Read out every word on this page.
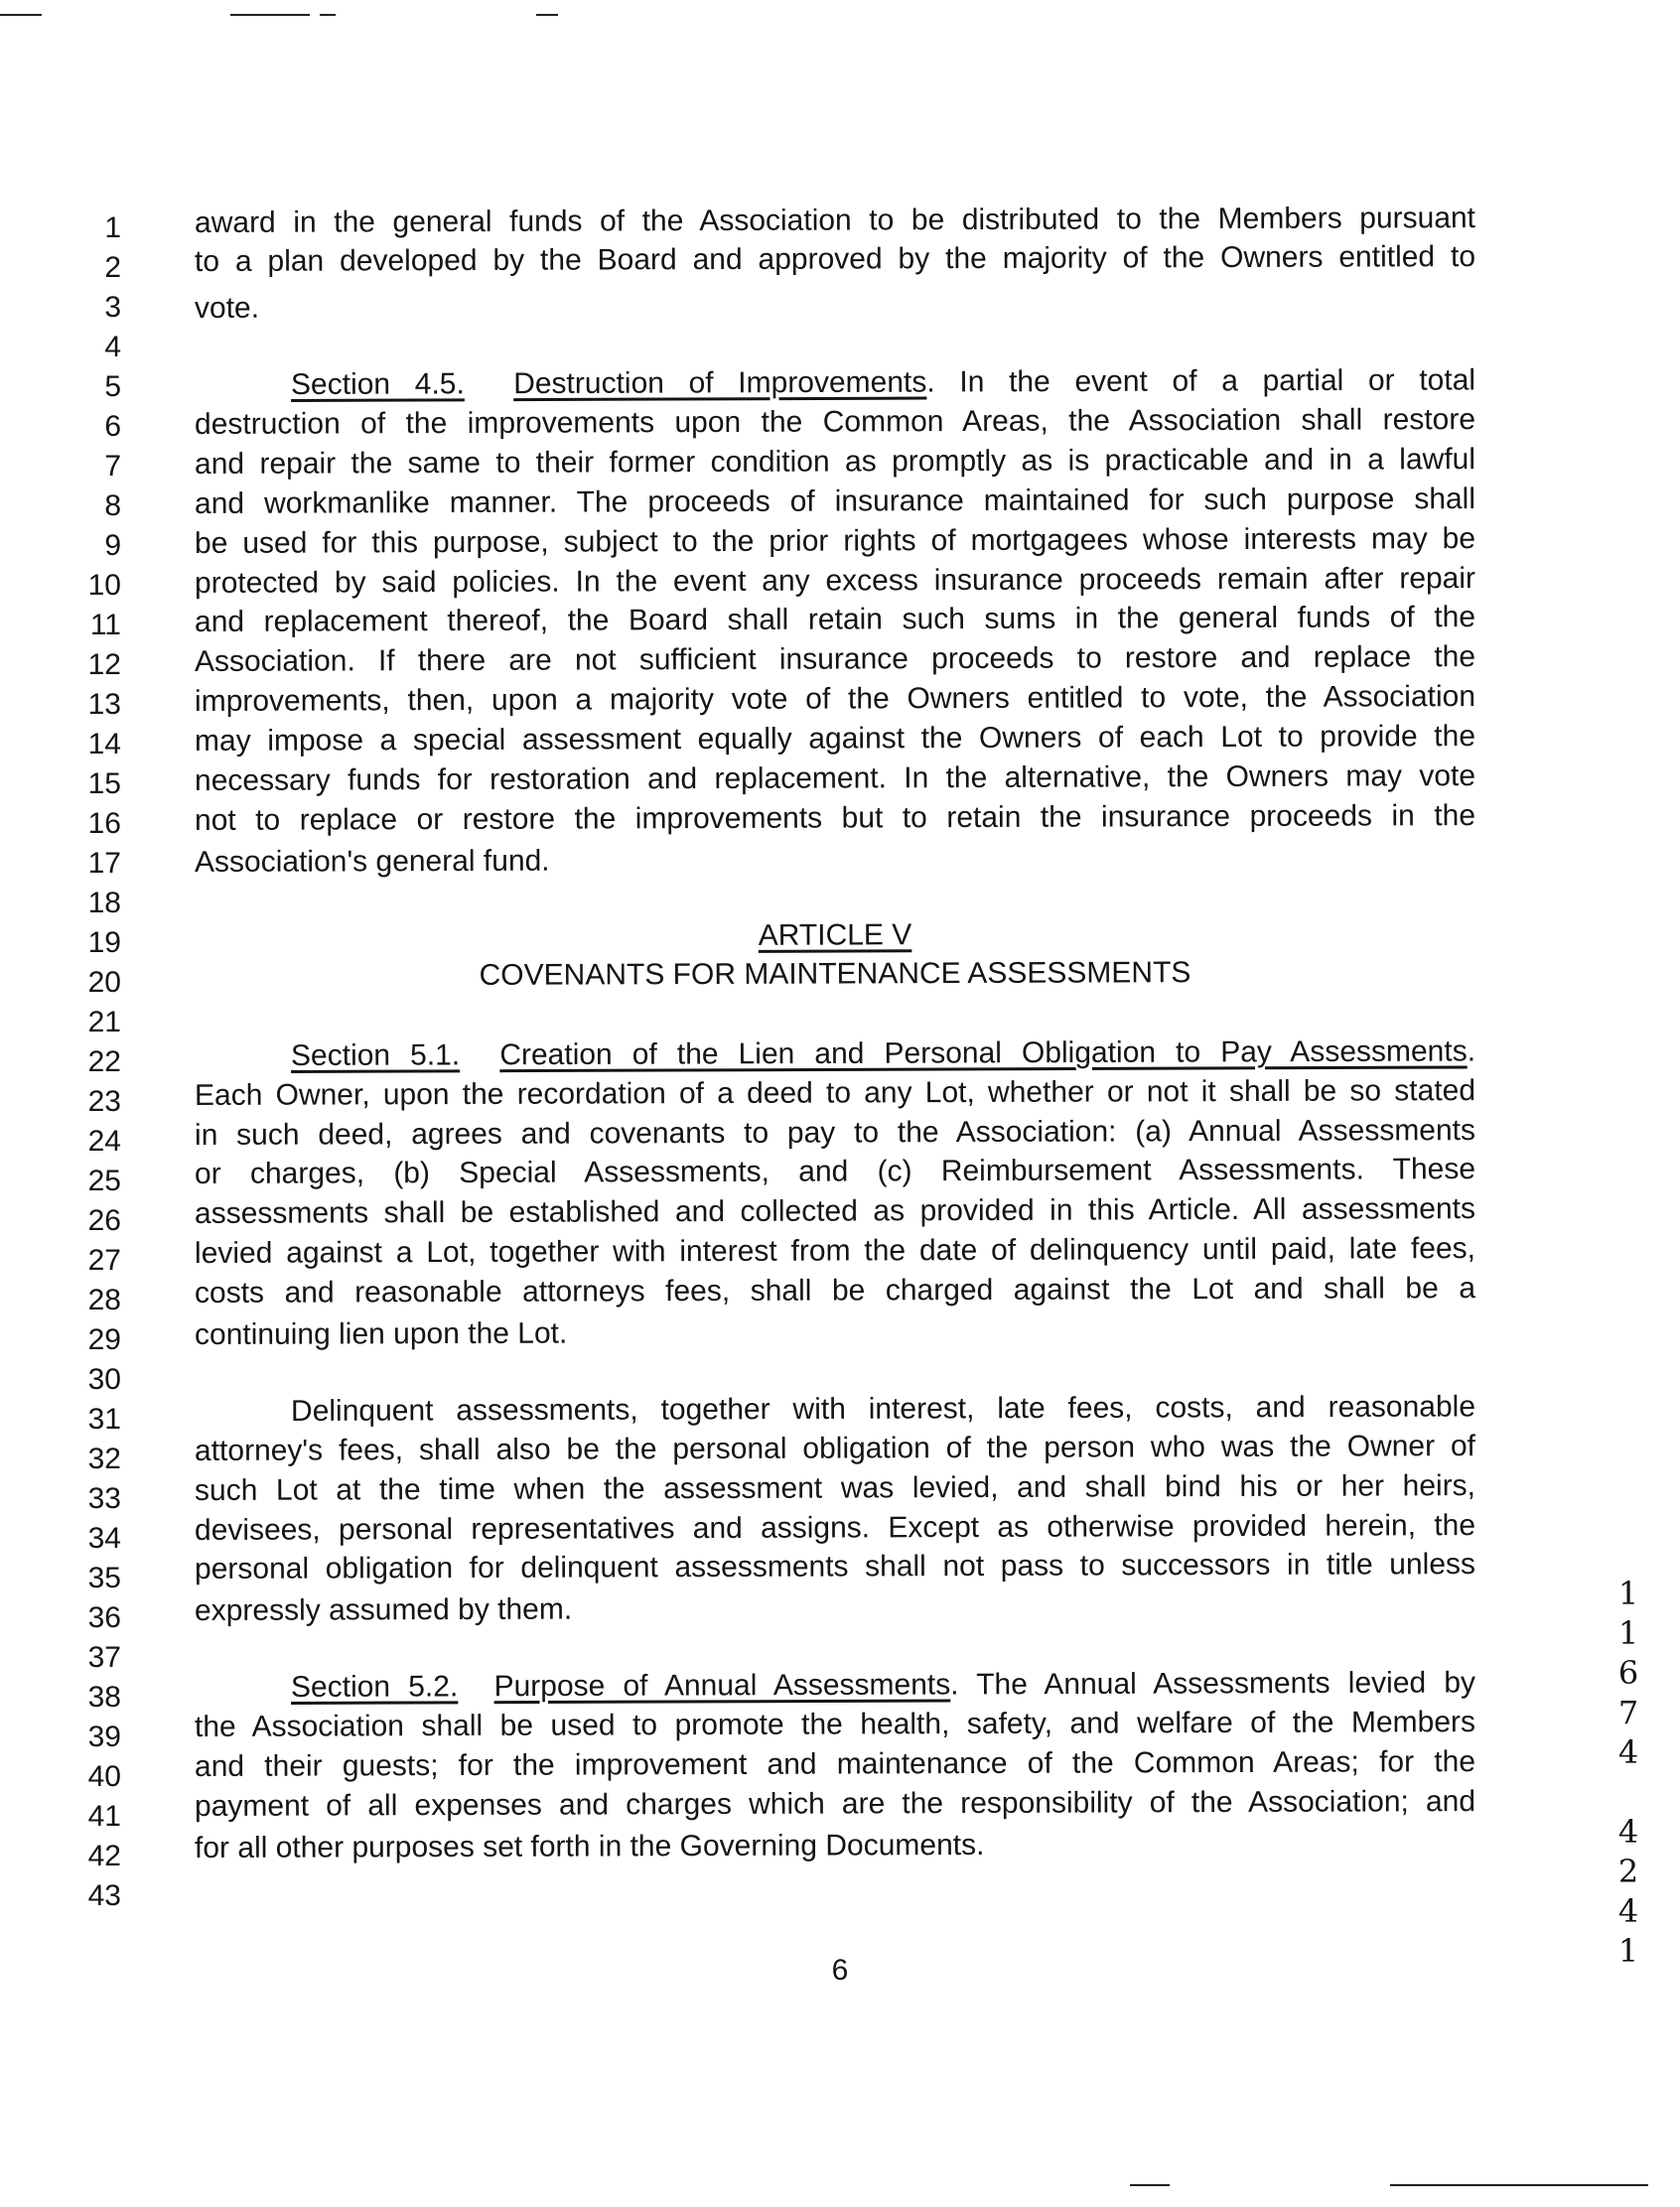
1
2
3
4
5
6
7
8
9
10
11
12
13
14
15
16
17
18
19
20
21
22
23
24
25
26
27
28
29
30
31
32
33
34
35
36
37
38
39
40
41
42
43
award in the general funds of the Association to be distributed to the Members pursuant
to a plan developed by the Board and approved by the majority of the Owners entitled to
vote.
Section 4.5. Destruction of Improvements. In the event of a partial or total
destruction of the improvements upon the Common Areas, the Association shall restore
and repair the same to their former condition as promptly as is practicable and in a lawful
and workmanlike manner. The proceeds of insurance maintained for such purpose shall
be used for this purpose, subject to the prior rights of mortgagees whose interests may be
protected by said policies. In the event any excess insurance proceeds remain after repair
and replacement thereof, the Board shall retain such sums in the general funds of the
Association. If there are not sufficient insurance proceeds to restore and replace the
improvements, then, upon a majority vote of the Owners entitled to vote, the Association
may impose a special assessment equally against the Owners of each Lot to provide the
necessary funds for restoration and replacement. In the alternative, the Owners may vote
not to replace or restore the improvements but to retain the insurance proceeds in the
Association's general fund.
ARTICLE V
COVENANTS FOR MAINTENANCE ASSESSMENTS
Section 5.1. Creation of the Lien and Personal Obligation to Pay Assessments.
Each Owner, upon the recordation of a deed to any Lot, whether or not it shall be so stated
in such deed, agrees and covenants to pay to the Association: (a) Annual Assessments
or charges, (b) Special Assessments, and (c) Reimbursement Assessments. These
assessments shall be established and collected as provided in this Article. All assessments
levied against a Lot, together with interest from the date of delinquency until paid, late fees,
costs and reasonable attorneys fees, shall be charged against the Lot and shall be a
continuing lien upon the Lot.
Delinquent assessments, together with interest, late fees, costs, and reasonable
attorney's fees, shall also be the personal obligation of the person who was the Owner of
such Lot at the time when the assessment was levied, and shall bind his or her heirs,
devisees, personal representatives and assigns. Except as otherwise provided herein, the
personal obligation for delinquent assessments shall not pass to successors in title unless
expressly assumed by them.
Section 5.2. Purpose of Annual Assessments. The Annual Assessments levied by
the Association shall be used to promote the health, safety, and welfare of the Members
and their guests; for the improvement and maintenance of the Common Areas; for the
payment of all expenses and charges which are the responsibility of the Association; and
for all other purposes set forth in the Governing Documents.
6
1
1
6
7
4
4
2
4
1
